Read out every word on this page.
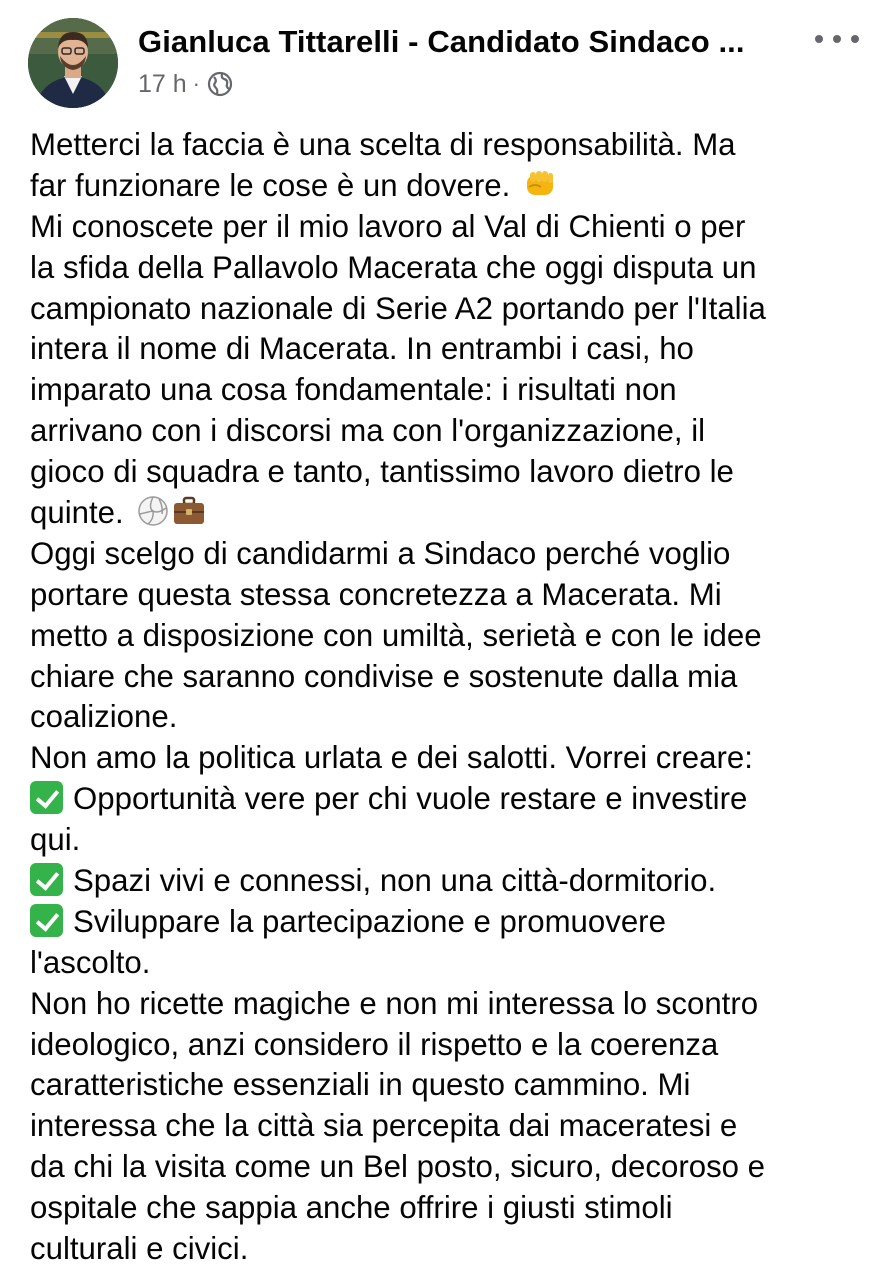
Gianluca Tittarelli - Candidato Sindaco ...
17 h ·
Metterci la faccia è una scelta di responsabilità. Ma
far funzionare le cose è un dovere.
Mi conoscete per il mio lavoro al Val di Chienti o per
la sfida della Pallavolo Macerata che oggi disputa un
campionato nazionale di Serie A2 portando per l'Italia
intera il nome di Macerata. In entrambi i casi, ho
imparato una cosa fondamentale: i risultati non
arrivano con i discorsi ma con l'organizzazione, il
gioco di squadra e tanto, tantissimo lavoro dietro le
quinte.
Oggi scelgo di candidarmi a Sindaco perché voglio
portare questa stessa concretezza a Macerata. Mi
metto a disposizione con umiltà, serietà e con le idee
chiare che saranno condivise e sostenute dalla mia
coalizione.
Non amo la politica urlata e dei salotti. Vorrei creare:
Opportunità vere per chi vuole restare e investire
qui.
Spazi vivi e connessi, non una città-dormitorio.
Sviluppare la partecipazione e promuovere
l'ascolto.
Non ho ricette magiche e non mi interessa lo scontro
ideologico, anzi considero il rispetto e la coerenza
caratteristiche essenziali in questo cammino. Mi
interessa che la città sia percepita dai maceratesi e
da chi la visita come un Bel posto, sicuro, decoroso e
ospitale che sappia anche offrire i giusti stimoli
culturali e civici.
